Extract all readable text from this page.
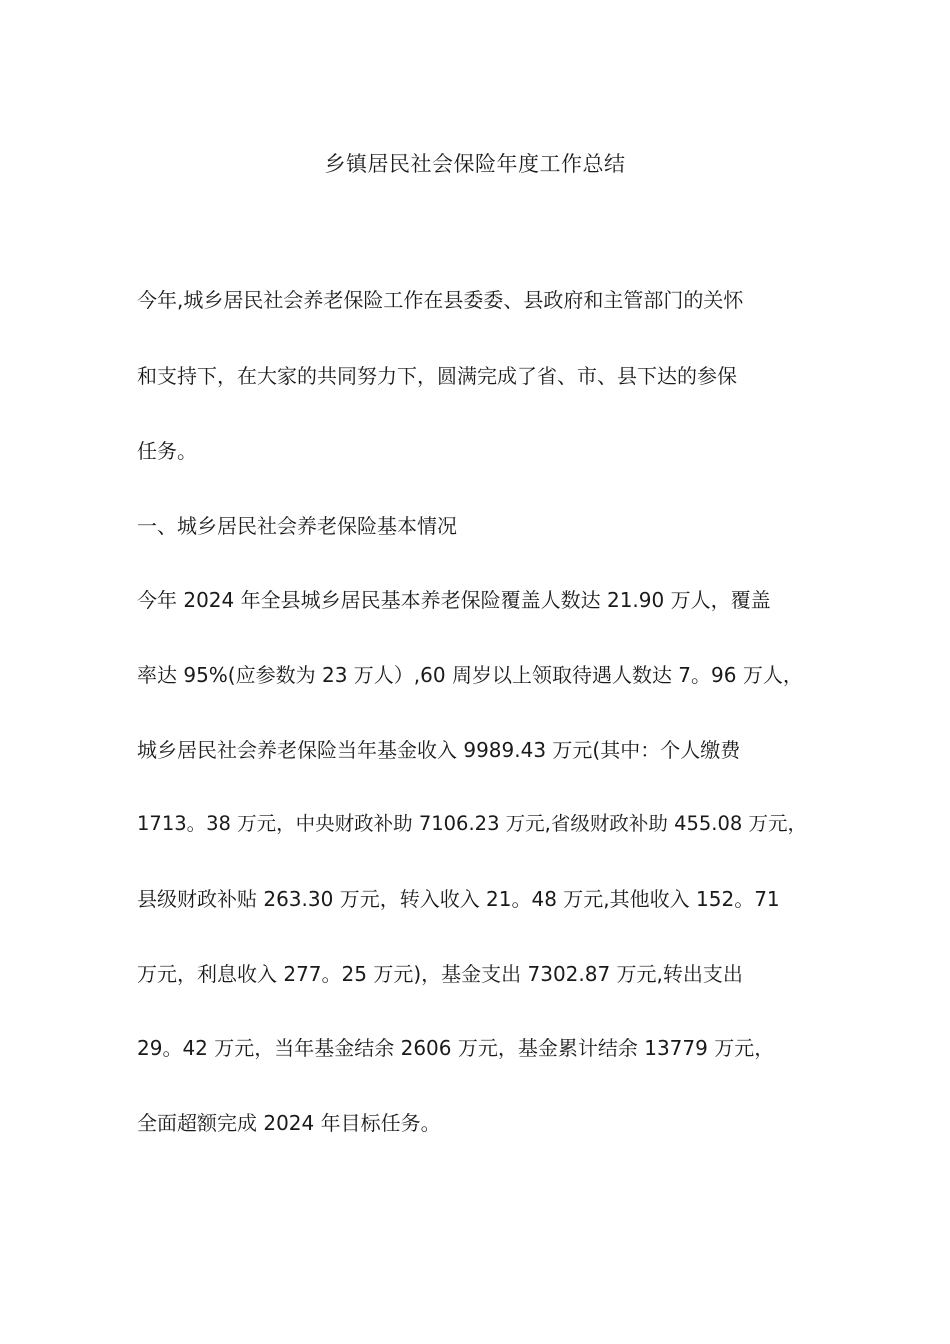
乡镇居民社会保险年度工作总结
今年,城乡居民社会养老保险工作在县委委、县政府和主管部门的关怀
和支持下，在大家的共同努力下，圆满完成了省、市、县下达的参保
任务。
一、城乡居民社会养老保险基本情况
今年 2024 年全县城乡居民基本养老保险覆盖人数达 21.90 万人，覆盖
率达 95%(应参数为 23 万人）,60 周岁以上领取待遇人数达 7。96 万人，
城乡居民社会养老保险当年基金收入 9989.43 万元(其中：个人缴费
1713。38 万元，中央财政补助 7106.23 万元,省级财政补助 455.08 万元，
县级财政补贴 263.30 万元，转入收入 21。48 万元,其他收入 152。71
万元，利息收入 277。25 万元)，基金支出 7302.87 万元,转出支出
29。42 万元，当年基金结余 2606 万元，基金累计结余 13779 万元，
全面超额完成 2024 年目标任务。
